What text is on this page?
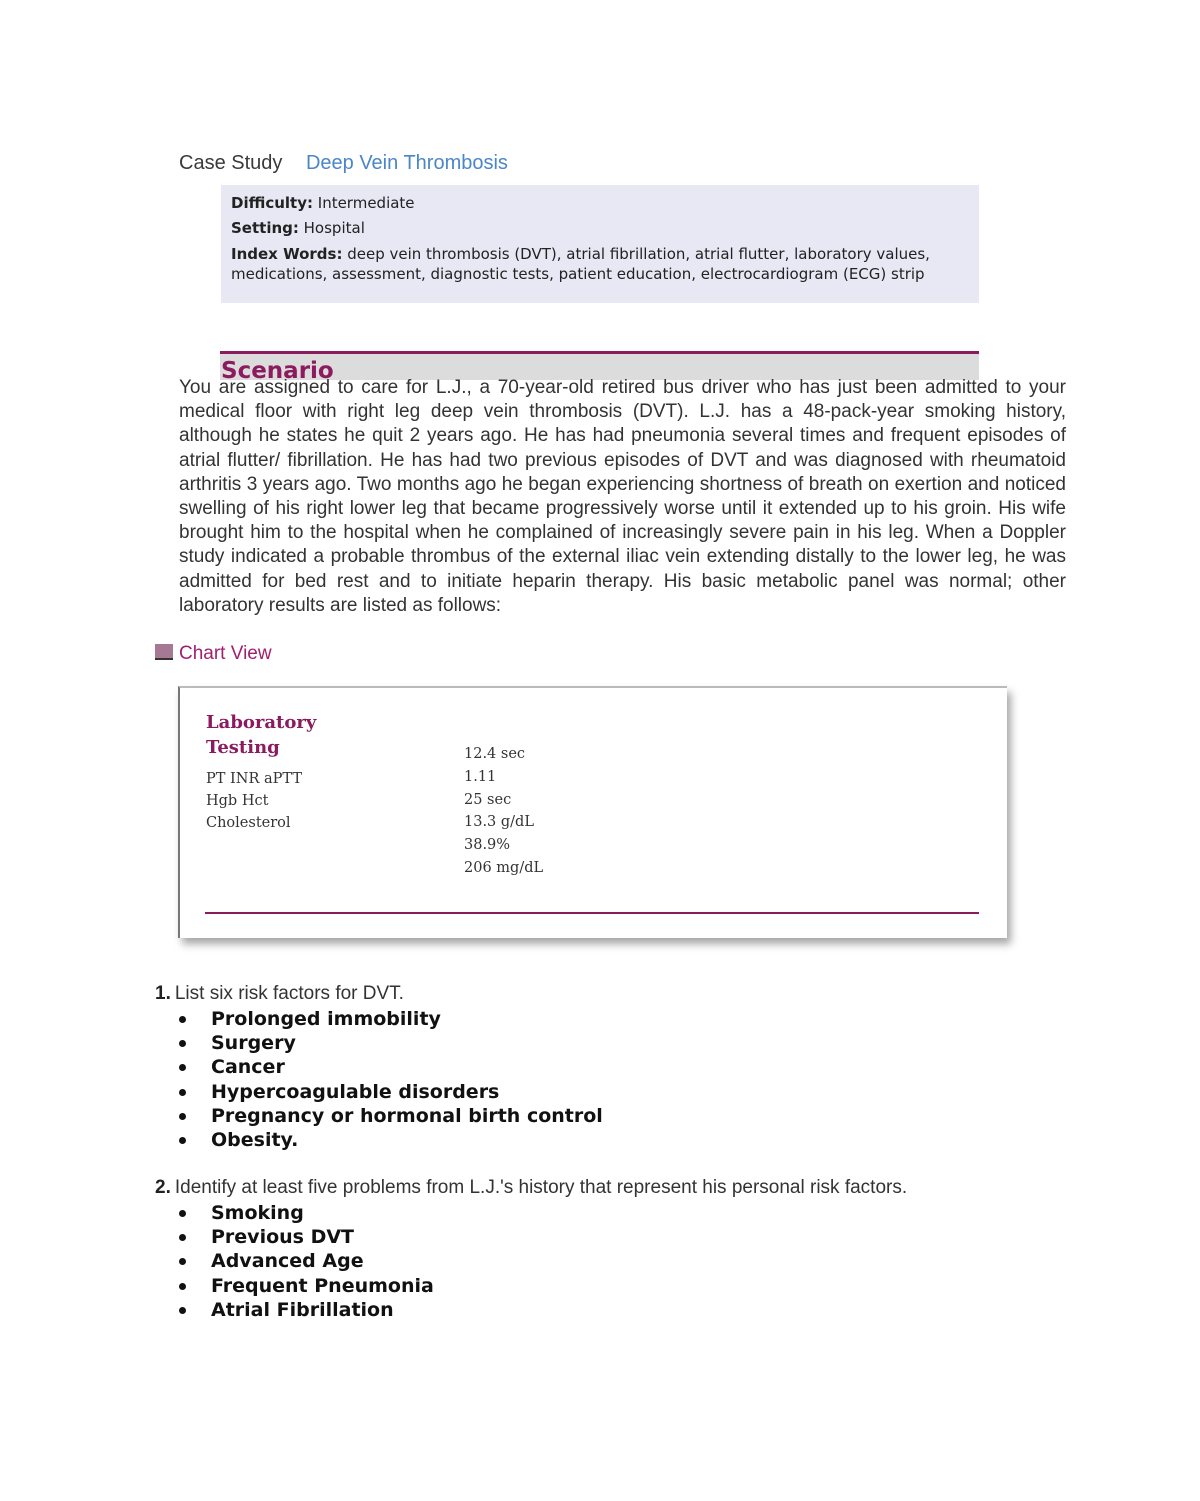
Case Study Deep Vein Thrombosis
Difficulty: Intermediate
Setting: Hospital
Index Words: deep vein thrombosis (DVT), atrial fibrillation, atrial flutter, laboratory values, medications, assessment, diagnostic tests, patient education, electrocardiogram (ECG) strip
Scenario
You are assigned to care for L.J., a 70-year-old retired bus driver who has just been admitted to your medical floor with right leg deep vein thrombosis (DVT). L.J. has a 48-pack-year smoking history, although he states he quit 2 years ago. He has had pneumonia several times and frequent episodes of atrial flutter/ fibrillation. He has had two previous episodes of DVT and was diagnosed with rheumatoid arthritis 3 years ago. Two months ago he began experiencing shortness of breath on exertion and noticed swelling of his right lower leg that became progressively worse until it extended up to his groin. His wife brought him to the hospital when he complained of increasingly severe pain in his leg. When a Doppler study indicated a probable thrombus of the external iliac vein extending distally to the lower leg, he was admitted for bed rest and to initiate heparin therapy. His basic metabolic panel was normal; other laboratory results are listed as follows:
Chart View
Laboratory
Testing
PT INR aPTT
Hgb Hct
Cholesterol
12.4 sec
1.11
25 sec
13.3 g/dL
38.9%
206 mg/dL
1. List six risk factors for DVT.
Prolonged immobility
Surgery
Cancer
Hypercoagulable disorders
Pregnancy or hormonal birth control
Obesity.
2. Identify at least five problems from L.J.'s history that represent his personal risk factors.
Smoking
Previous DVT
Advanced Age
Frequent Pneumonia
Atrial Fibrillation
